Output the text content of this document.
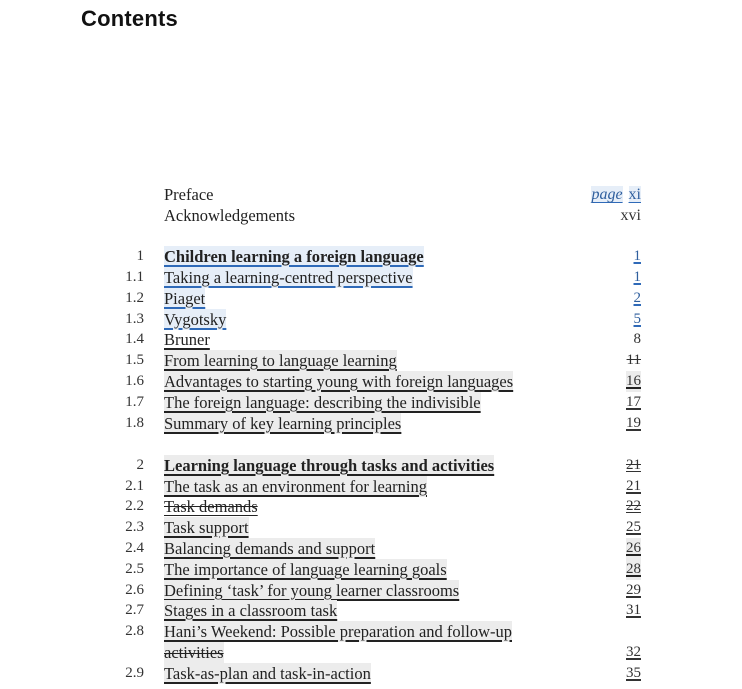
Contents
Preface	page xi
Acknowledgements	xvi
1 Children learning a foreign language	1
1.1 Taking a learning-centred perspective	1
1.2 Piaget	2
1.3 Vygotsky	5
1.4 Bruner	8
1.5 From learning to language learning	11
1.6 Advantages to starting young with foreign languages	16
1.7 The foreign language: describing the indivisible	17
1.8 Summary of key learning principles	19
2 Learning language through tasks and activities	21
2.1 The task as an environment for learning	21
2.2 Task demands	22
2.3 Task support	25
2.4 Balancing demands and support	26
2.5 The importance of language learning goals	28
2.6 Defining ‘task’ for young learner classrooms	29
2.7 Stages in a classroom task	31
2.8 Hani’s Weekend: Possible preparation and follow-up
activities	32
2.9 Task-as-plan and task-in-action	35
